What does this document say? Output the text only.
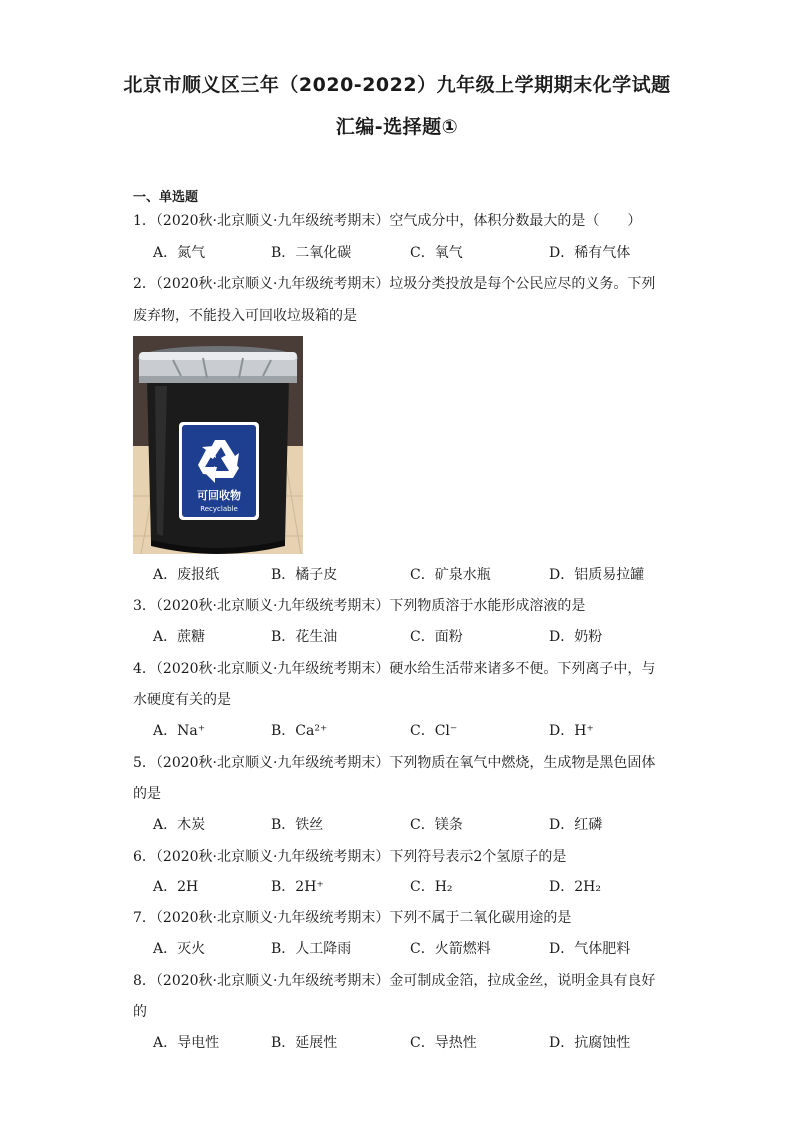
北京市顺义区三年（2020-2022）九年级上学期期末化学试题
汇编-选择题①
一、单选题
1．（2020秋·北京顺义·九年级统考期末）空气成分中，体积分数最大的是（　　）
A．氮气	B．二氧化碳	C．氧气	D．稀有气体
2．（2020秋·北京顺义·九年级统考期末）垃圾分类投放是每个公民应尽的义务。下列
废弃物，不能投入可回收垃圾箱的是
可回收物
Recyclable
A．废报纸	B．橘子皮	C．矿泉水瓶	D．铝质易拉罐
3．（2020秋·北京顺义·九年级统考期末）下列物质溶于水能形成溶液的是
A．蔗糖	B．花生油	C．面粉	D．奶粉
4．（2020秋·北京顺义·九年级统考期末）硬水给生活带来诸多不便。下列离子中，与
水硬度有关的是
A．Na⁺	B．Ca²⁺	C．Cl⁻	D．H⁺
5．（2020秋·北京顺义·九年级统考期末）下列物质在氧气中燃烧，生成物是黑色固体
的是
A．木炭	B．铁丝	C．镁条	D．红磷
6．（2020秋·北京顺义·九年级统考期末）下列符号表示2个氢原子的是
A．2H	B．2H⁺	C．H₂	D．2H₂
7．（2020秋·北京顺义·九年级统考期末）下列不属于二氧化碳用途的是
A．灭火	B．人工降雨	C．火箭燃料	D．气体肥料
8．（2020秋·北京顺义·九年级统考期末）金可制成金箔，拉成金丝，说明金具有良好
的
A．导电性	B．延展性	C．导热性	D．抗腐蚀性
